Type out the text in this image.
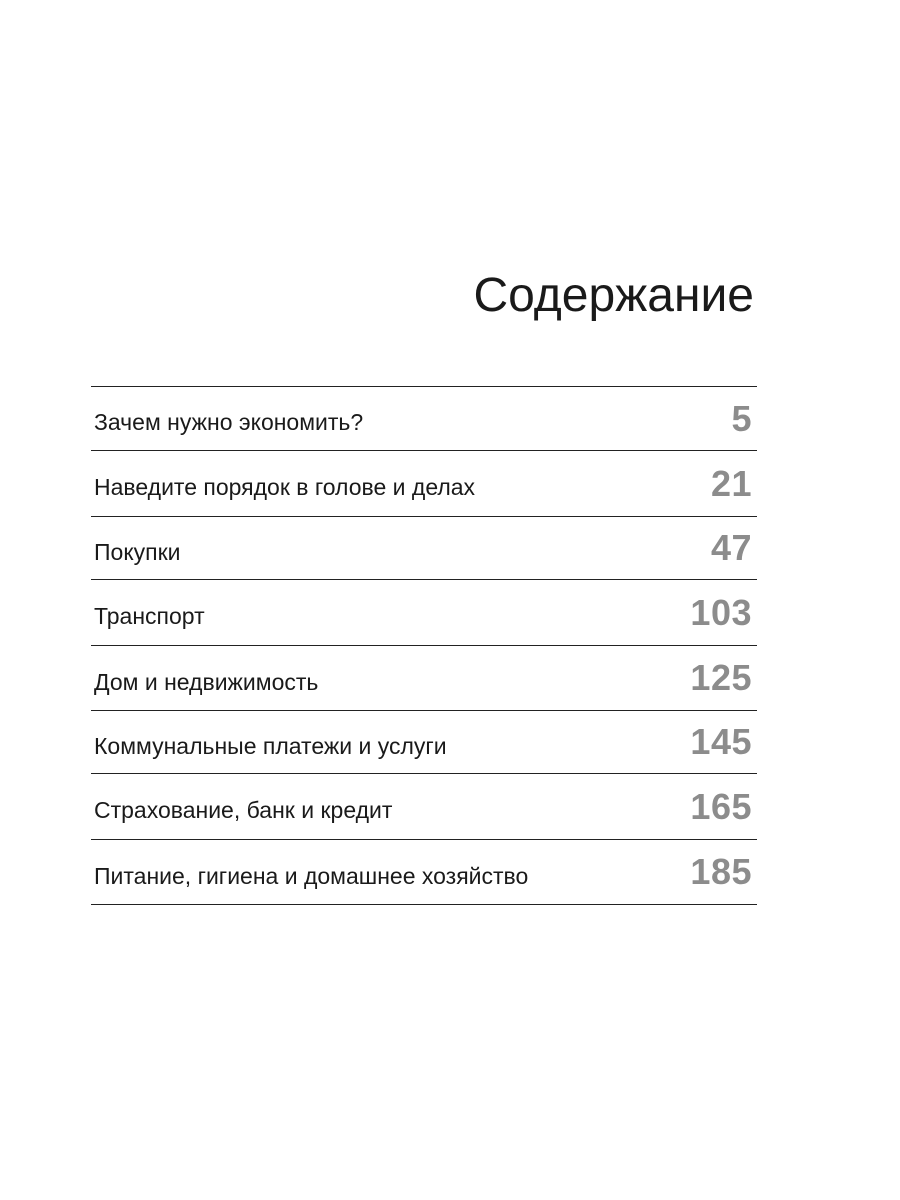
Содержание
Зачем нужно экономить?	5
Наведите порядок в голове и делах	21
Покупки	47
Транспорт	103
Дом и недвижимость	125
Коммунальные платежи и услуги	145
Страхование, банк и кредит	165
Питание, гигиена и домашнее хозяйство	185
